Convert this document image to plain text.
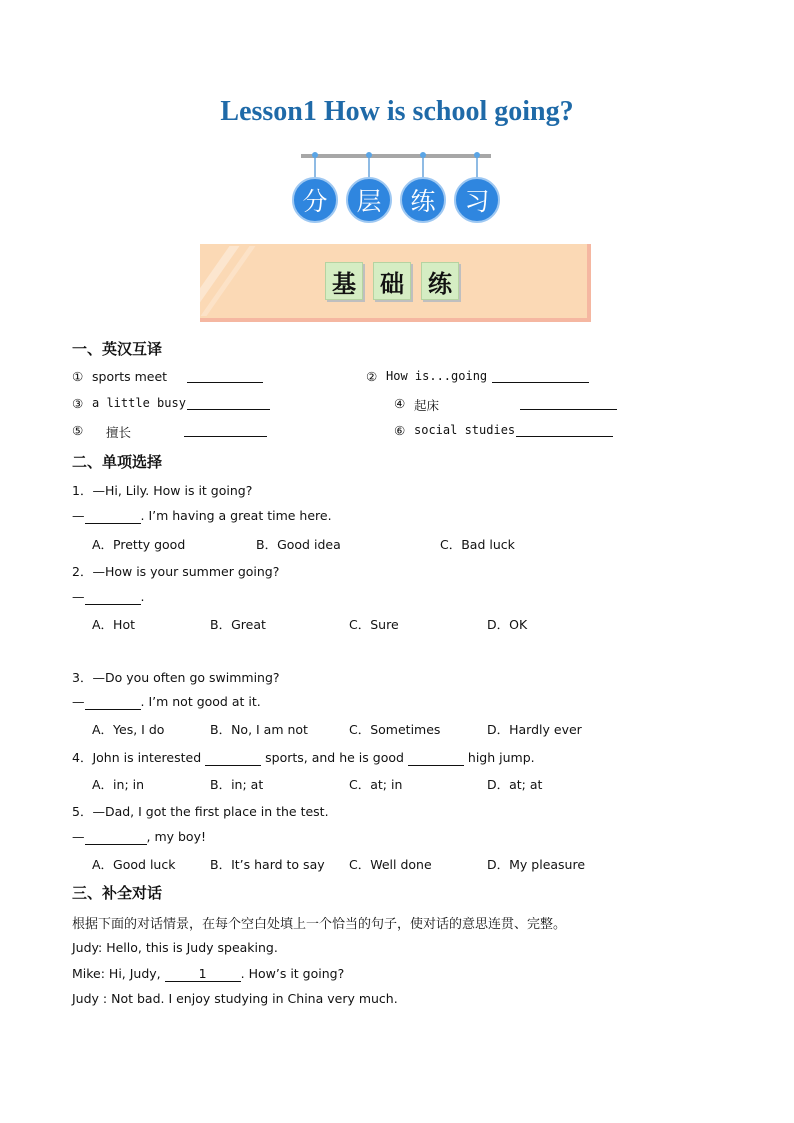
Lesson1 How is school going?
分	层	练	习
基 础 练
一、英汉互译
① sports meet	② How is...going
③ a little busy	④ 起床
⑤ 擅长	⑥ social studies
二、单项选择
1．—Hi, Lily. How is it going?
—	. I’m having a great time here.
A．Pretty good	B．Good idea	C．Bad luck
2．—How is your summer going?
—	.
A．Hot	B．Great	C．Sure	D．OK
3．—Do you often go swimming?
—	. I’m not good at it.
A．Yes, I do	B．No, I am not	C．Sometimes	D．Hardly ever
4．John is interested	sports, and he is good	high jump.
A．in; in	B．in; at	C．at; in	D．at; at
5．—Dad, I got the first place in the test.
—	, my boy!
A．Good luck	B．It’s hard to say C．Well done	D．My pleasure
三、补全对话
根据下面的对话情景，在每个空白处填上一个恰当的句子，使对话的意思连贯、完整。
Judy: Hello, this is Judy speaking.
Mike: Hi, Judy,	1	. How’s it going?
Judy : Not bad. I enjoy studying in China very much.
